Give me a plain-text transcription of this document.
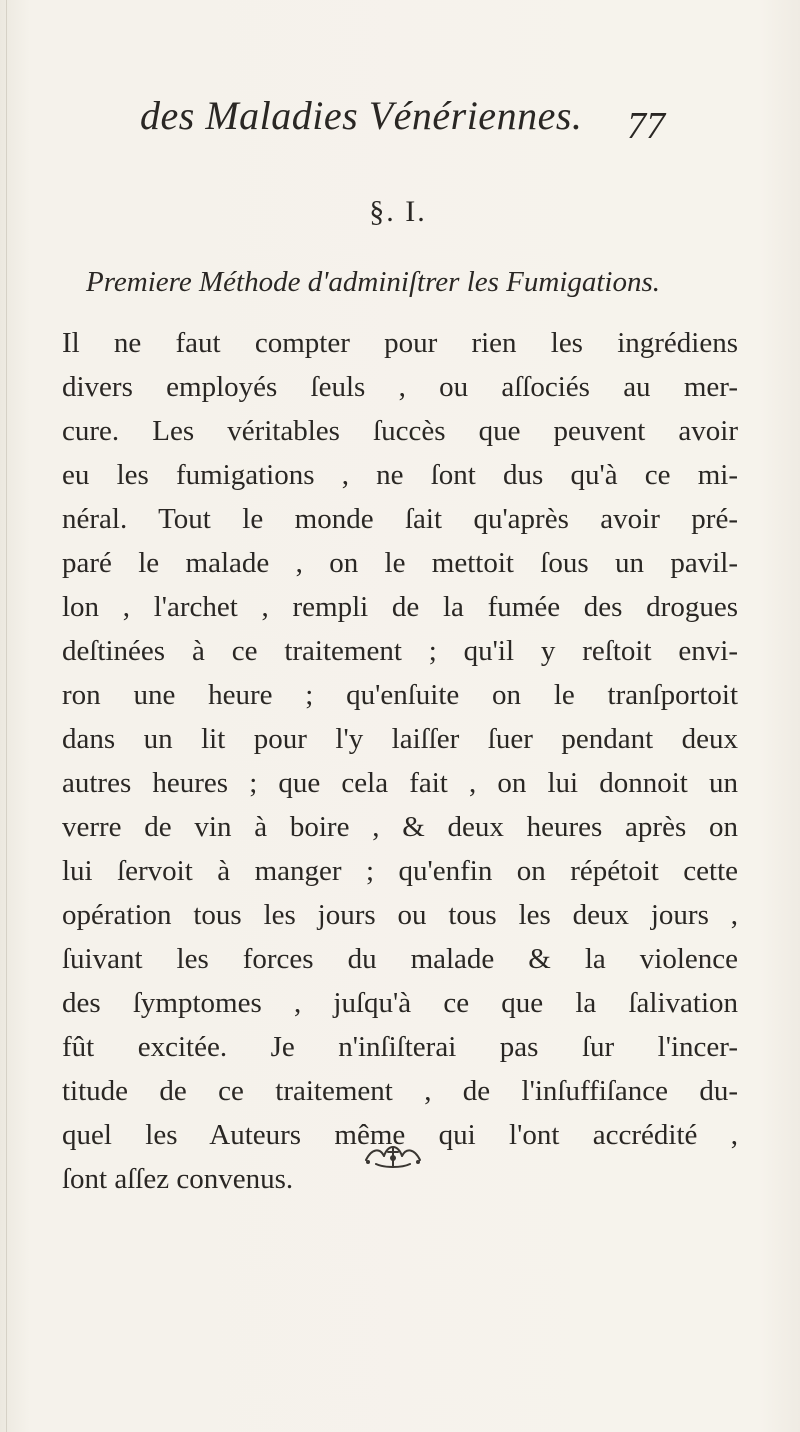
des Maladies Vénériennes. 77
§. I.
Premiere Méthode d'adminiſtrer les Fumigations.
Il ne faut compter pour rien les ingrédiens
divers employés ſeuls , ou aſſociés au mer-
cure. Les véritables ſuccès que peuvent avoir
eu les fumigations , ne ſont dus qu'à ce mi-
néral. Tout le monde ſait qu'après avoir pré-
paré le malade , on le mettoit ſous un pavil-
lon , l'archet , rempli de la fumée des drogues
deſtinées à ce traitement ; qu'il y reſtoit envi-
ron une heure ; qu'enſuite on le tranſportoit
dans un lit pour l'y laiſſer ſuer pendant deux
autres heures ; que cela fait , on lui donnoit un
verre de vin à boire , & deux heures après on
lui ſervoit à manger ; qu'enfin on répétoit cette
opération tous les jours ou tous les deux jours ,
ſuivant les forces du malade & la violence
des ſymptomes , juſqu'à ce que la ſalivation
fût excitée. Je n'inſiſterai pas ſur l'incer-
titude de ce traitement , de l'inſuffiſance du-
quel les Auteurs même qui l'ont accrédité ,
ſont aſſez convenus.
